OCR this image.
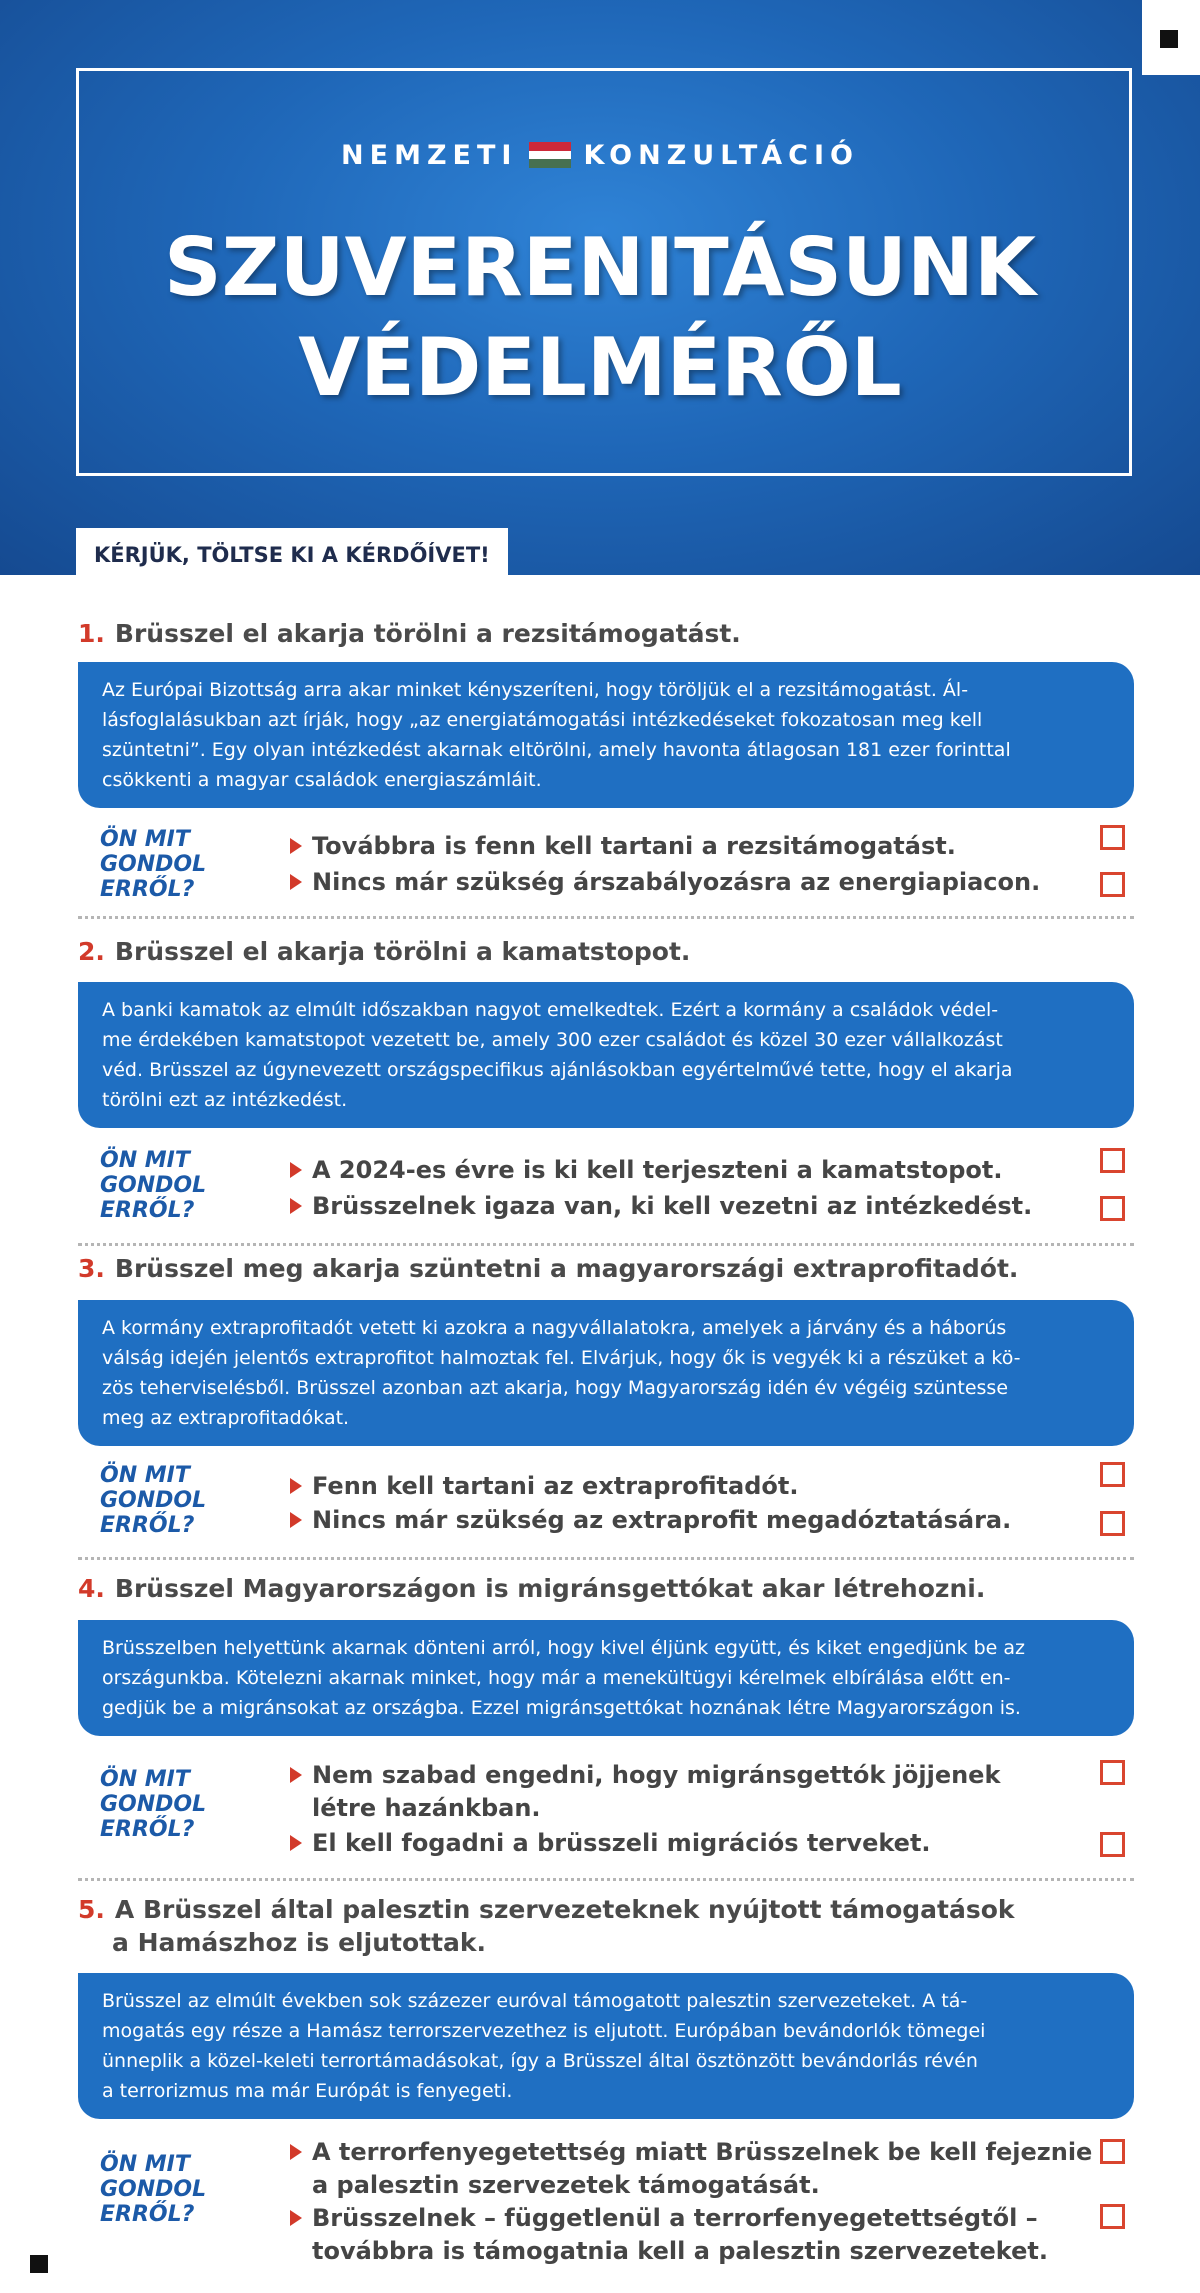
NEMZETI KONZULTÁCIÓ
SZUVERENITÁSUNK
VÉDELMÉRŐL
KÉRJÜK, TÖLTSE KI A KÉRDŐÍVET!
1. Brüsszel el akarja törölni a rezsitámogatást.
Az Európai Bizottság arra akar minket kényszeríteni, hogy töröljük el a rezsitámogatást. Ál-
lásfoglalásukban azt írják, hogy „az energiatámogatási intézkedéseket fokozatosan meg kell
szüntetni”. Egy olyan intézkedést akarnak eltörölni, amely havonta átlagosan 181 ezer forinttal
csökkenti a magyar családok energiaszámláit.
ÖN MIT
GONDOL
ERRŐL?
Továbbra is fenn kell tartani a rezsitámogatást.
Nincs már szükség árszabályozásra az energiapiacon.
2. Brüsszel el akarja törölni a kamatstopot.
A banki kamatok az elmúlt időszakban nagyot emelkedtek. Ezért a kormány a családok védel-
me érdekében kamatstopot vezetett be, amely 300 ezer családot és közel 30 ezer vállalkozást
véd. Brüsszel az úgynevezett országspecifikus ajánlásokban egyértelművé tette, hogy el akarja
törölni ezt az intézkedést.
ÖN MIT
GONDOL
ERRŐL?
A 2024-es évre is ki kell terjeszteni a kamatstopot.
Brüsszelnek igaza van, ki kell vezetni az intézkedést.
3. Brüsszel meg akarja szüntetni a magyarországi extraprofitadót.
A kormány extraprofitadót vetett ki azokra a nagyvállalatokra, amelyek a járvány és a háborús
válság idején jelentős extraprofitot halmoztak fel. Elvárjuk, hogy ők is vegyék ki a részüket a kö-
zös teherviselésből. Brüsszel azonban azt akarja, hogy Magyarország idén év végéig szüntesse
meg az extraprofitadókat.
ÖN MIT
GONDOL
ERRŐL?
Fenn kell tartani az extraprofitadót.
Nincs már szükség az extraprofit megadóztatására.
4. Brüsszel Magyarországon is migránsgettókat akar létrehozni.
Brüsszelben helyettünk akarnak dönteni arról, hogy kivel éljünk együtt, és kiket engedjünk be az
országunkba. Kötelezni akarnak minket, hogy már a menekültügyi kérelmek elbírálása előtt en-
gedjük be a migránsokat az országba. Ezzel migránsgettókat hoznának létre Magyarországon is.
ÖN MIT
GONDOL
ERRŐL?
Nem szabad engedni, hogy migránsgettók jöjjenek
létre hazánkban.
El kell fogadni a brüsszeli migrációs terveket.
5. A Brüsszel által palesztin szervezeteknek nyújtott támogatások
a Hamászhoz is eljutottak.
Brüsszel az elmúlt években sok százezer euróval támogatott palesztin szervezeteket. A tá-
mogatás egy része a Hamász terrorszervezethez is eljutott. Európában bevándorlók tömegei
ünneplik a közel-keleti terrortámadásokat, így a Brüsszel által ösztönzött bevándorlás révén
a terrorizmus ma már Európát is fenyegeti.
ÖN MIT
GONDOL
ERRŐL?
A terrorfenyegetettség miatt Brüsszelnek be kell fejeznie
a palesztin szervezetek támogatását.
Brüsszelnek – függetlenül a terrorfenyegetettségtől –
továbbra is támogatnia kell a palesztin szervezeteket.
